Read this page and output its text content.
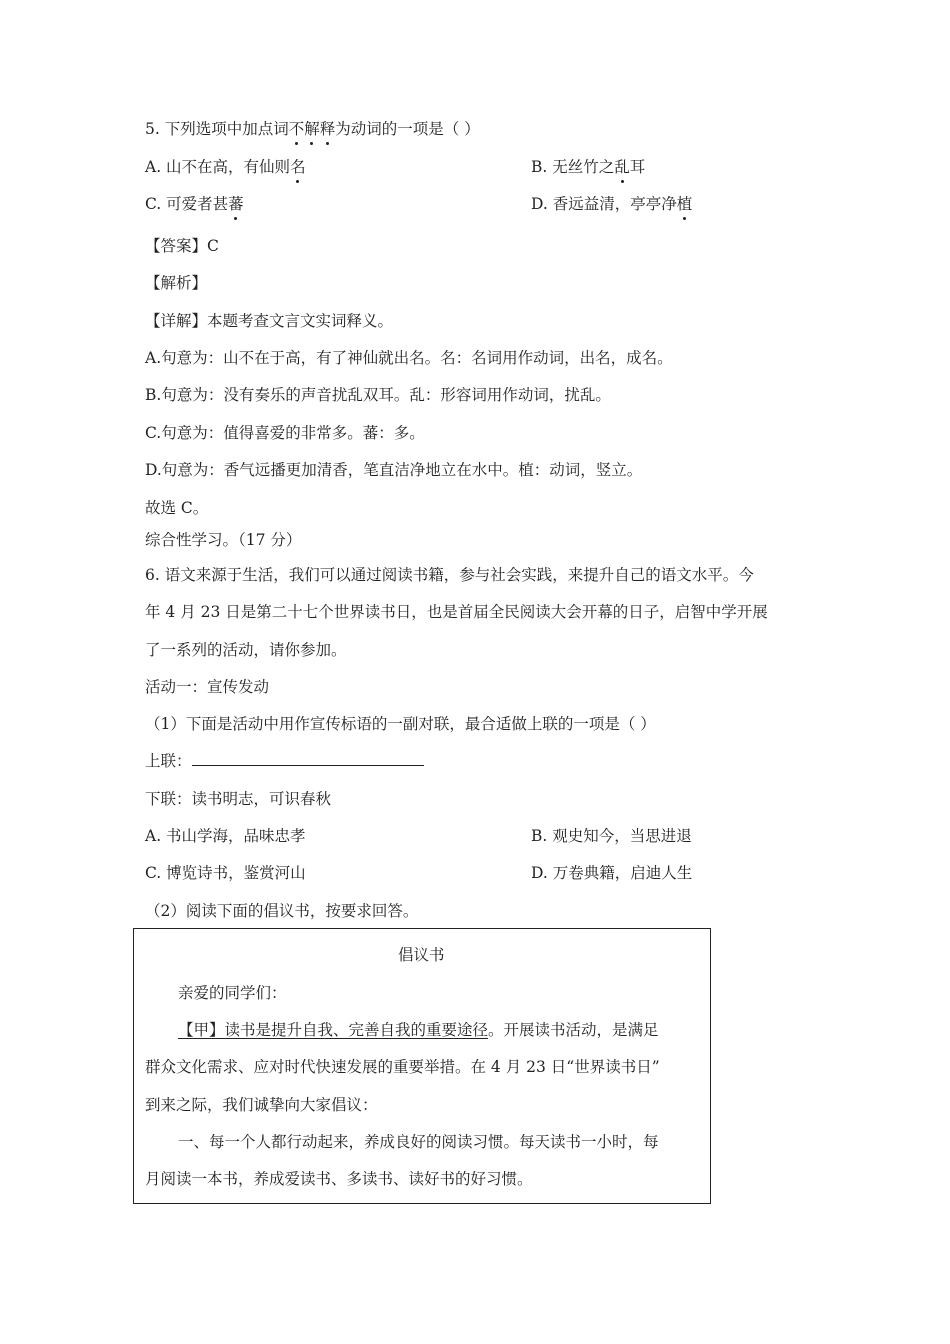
5. 下列选项中加点词不解释为动词的一项是（ ）
A. 山不在高，有仙则名	B. 无丝竹之乱耳
C. 可爱者甚蕃	D. 香远益清，亭亭净植
【答案】C
【解析】
【详解】本题考查文言文实词释义。
A.句意为：山不在于高，有了神仙就出名。名：名词用作动词，出名，成名。
B.句意为：没有奏乐的声音扰乱双耳。乱：形容词用作动词，扰乱。
C.句意为：值得喜爱的非常多。蕃：多。
D.句意为：香气远播更加清香，笔直洁净地立在水中。植：动词，竖立。
故选 C。
综合性学习。（17 分）
6. 语文来源于生活，我们可以通过阅读书籍，参与社会实践，来提升自己的语文水平。今
年 4 月 23 日是第二十七个世界读书日，也是首届全民阅读大会开幕的日子，启智中学开展
了一系列的活动，请你参加。
活动一：宣传发动
（1）下面是活动中用作宣传标语的一副对联，最合适做上联的一项是（ ）
上联：
下联：读书明志，可识春秋
A. 书山学海，品味忠孝	B. 观史知今，当思进退
C. 博览诗书，鉴赏河山	D. 万卷典籍，启迪人生
（2）阅读下面的倡议书，按要求回答。
倡议书
亲爱的同学们：
【甲】读书是提升自我、完善自我的重要途径。开展读书活动，是满足
群众文化需求、应对时代快速发展的重要举措。在 4 月 23 日“世界读书日”
到来之际，我们诚挚向大家倡议：
一、每一个人都行动起来，养成良好的阅读习惯。每天读书一小时，每
月阅读一本书，养成爱读书、多读书、读好书的好习惯。
